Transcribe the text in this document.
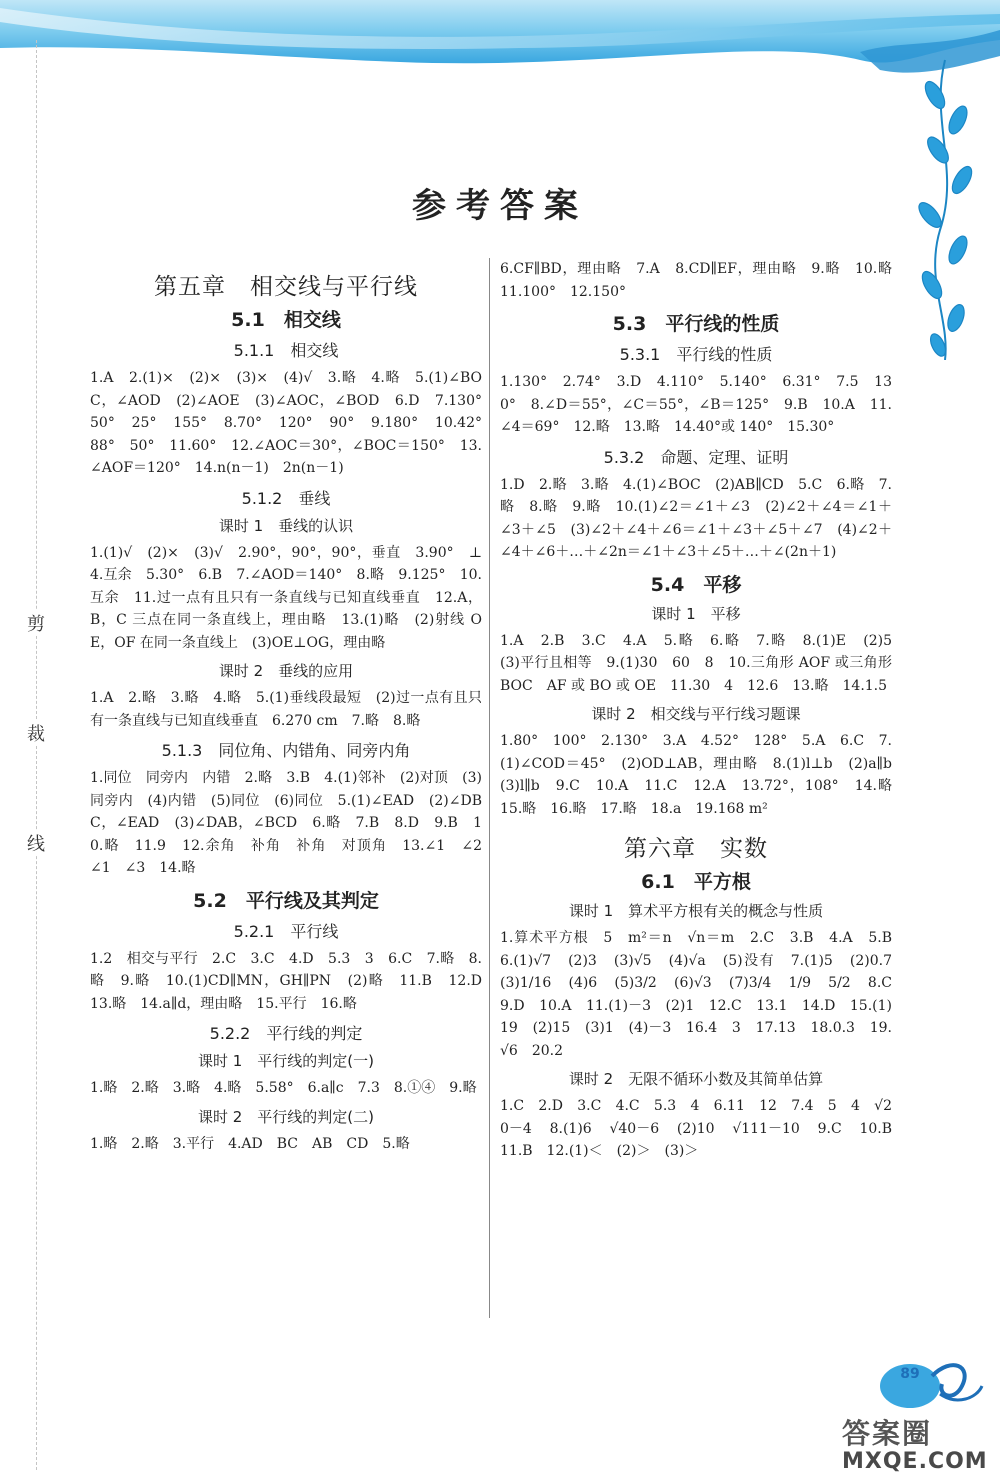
剪
裁
线
参考答案
第五章　相交线与平行线
5.1　相交线
5.1.1　相交线
1.A　2.(1)×　(2)×　(3)×　(4)√　3.略　4.略　5.(1)∠BOC，∠AOD　(2)∠AOE　(3)∠AOC，∠BOD　6.D　7.130°　50°　25°　155°　8.70°　120°　90°　9.180°　10.42°　88°　50°　11.60°　12.∠AOC＝30°，∠BOC＝150°　13.∠AOF＝120°　14.n(n－1)　2n(n－1)
5.1.2　垂线
课时 1　垂线的认识
1.(1)√　(2)×　(3)√　2.90°，90°，90°，垂直　3.90°　⊥　4.互余　5.30°　6.B　7.∠AOD＝140°　8.略　9.125°　10.互余　11.过一点有且只有一条直线与已知直线垂直　12.A，B，C 三点在同一条直线上，理由略　13.(1)略　(2)射线 OE，OF 在同一条直线上　(3)OE⊥OG，理由略
课时 2　垂线的应用
1.A　2.略　3.略　4.略　5.(1)垂线段最短　(2)过一点有且只有一条直线与已知直线垂直　6.270 cm　7.略　8.略
5.1.3　同位角、内错角、同旁内角
1.同位　同旁内　内错　2.略　3.B　4.(1)邻补　(2)对顶　(3)同旁内　(4)内错　(5)同位　(6)同位　5.(1)∠EAD　(2)∠DBC，∠EAD　(3)∠DAB，∠BCD　6.略　7.B　8.D　9.B　10.略　11.9　12.余角　补角　补角　对顶角　13.∠1　∠2　∠1　∠3　14.略
5.2　平行线及其判定
5.2.1　平行线
1.2　相交与平行　2.C　3.C　4.D　5.3　3　6.C　7.略　8.略　9.略　10.(1)CD∥MN，GH∥PN　(2)略　11.B　12.D　13.略　14.a∥d，理由略　15.平行　16.略
5.2.2　平行线的判定
课时 1　平行线的判定(一)
1.略　2.略　3.略　4.略　5.58°　6.a∥c　7.3　8.①④　9.略
课时 2　平行线的判定(二)
1.略　2.略　3.平行　4.AD　BC　AB　CD　5.略
6.CF∥BD，理由略　7.A　8.CD∥EF，理由略　9.略　10.略　11.100°　12.150°
5.3　平行线的性质
5.3.1　平行线的性质
1.130°　2.74°　3.D　4.110°　5.140°　6.31°　7.5　130°　8.∠D＝55°，∠C＝55°，∠B＝125°　9.B　10.A　11.∠4＝69°　12.略　13.略　14.40°或 140°　15.30°
5.3.2　命题、定理、证明
1.D　2.略　3.略　4.(1)∠BOC　(2)AB∥CD　5.C　6.略　7.略　8.略　9.略　10.(1)∠2＝∠1＋∠3　(2)∠2＋∠4＝∠1＋∠3＋∠5　(3)∠2＋∠4＋∠6＝∠1＋∠3＋∠5＋∠7　(4)∠2＋∠4＋∠6＋…＋∠2n＝∠1＋∠3＋∠5＋…＋∠(2n＋1)
5.4　平移
课时 1　平移
1.A　2.B　3.C　4.A　5.略　6.略　7.略　8.(1)E　(2)5　(3)平行且相等　9.(1)30　60　8　10.三角形 AOF 或三角形 BOC　AF 或 BO 或 OE　11.30　4　12.6　13.略　14.1.5
课时 2　相交线与平行线习题课
1.80°　100°　2.130°　3.A　4.52°　128°　5.A　6.C　7.(1)∠COD＝45°　(2)OD⊥AB，理由略　8.(1)l⊥b　(2)a∥b　(3)l∥b　9.C　10.A　11.C　12.A　13.72°，108°　14.略　15.略　16.略　17.略　18.a　19.168 m²
第六章　实数
6.1　平方根
课时 1　算术平方根有关的概念与性质
1.算术平方根　5　m²＝n　√n＝m　2.C　3.B　4.A　5.B　6.(1)√7　(2)3　(3)√5　(4)√a　(5)没有　7.(1)5　(2)0.7　(3)1/16　(4)6　(5)3/2　(6)√3　(7)3/4　1/9　5/2　8.C　9.D　10.A　11.(1)－3　(2)1　12.C　13.1　14.D　15.(1)19　(2)15　(3)1　(4)－3　16.4　3　17.13　18.0.3　19.√6　20.2
课时 2　无限不循环小数及其简单估算
1.C　2.D　3.C　4.C　5.3　4　6.11　12　7.4　5　4　√20－4　8.(1)6　√40－6　(2)10　√111－10　9.C　10.B　11.B　12.(1)＜　(2)＞　(3)＞
89
答案圈
MXQE.COM
